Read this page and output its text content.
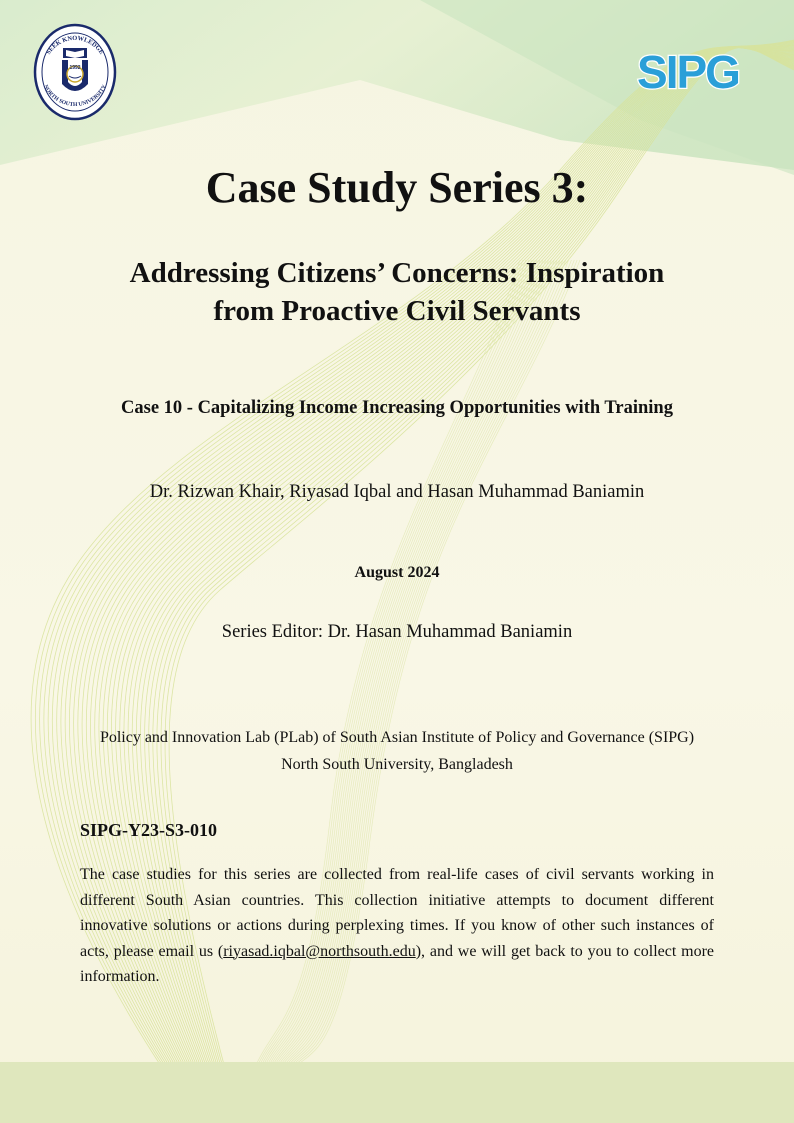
SEEK KNOWLEDGE
NORTH SOUTH UNIVERSITY
1992	SIPG
Case Study Series 3:
Addressing Citizens’ Concerns: Inspiration
from Proactive Civil Servants

Case 10 - Capitalizing Income Increasing Opportunities with Training

Dr. Rizwan Khair, Riyasad Iqbal and Hasan Muhammad Baniamin

August 2024

Series Editor: Dr. Hasan Muhammad Baniamin

Policy and Innovation Lab (PLab) of South Asian Institute of Policy and Governance (SIPG)
North South University, Bangladesh

SIPG-Y23-S3-010

The case studies for this series are collected from real-life cases of civil servants working in different South Asian countries. This collection initiative attempts to document different innovative solutions or actions during perplexing times. If you know of other such instances of acts, please email us (riyasad.iqbal@northsouth.edu), and we will get back to you to collect more information.
